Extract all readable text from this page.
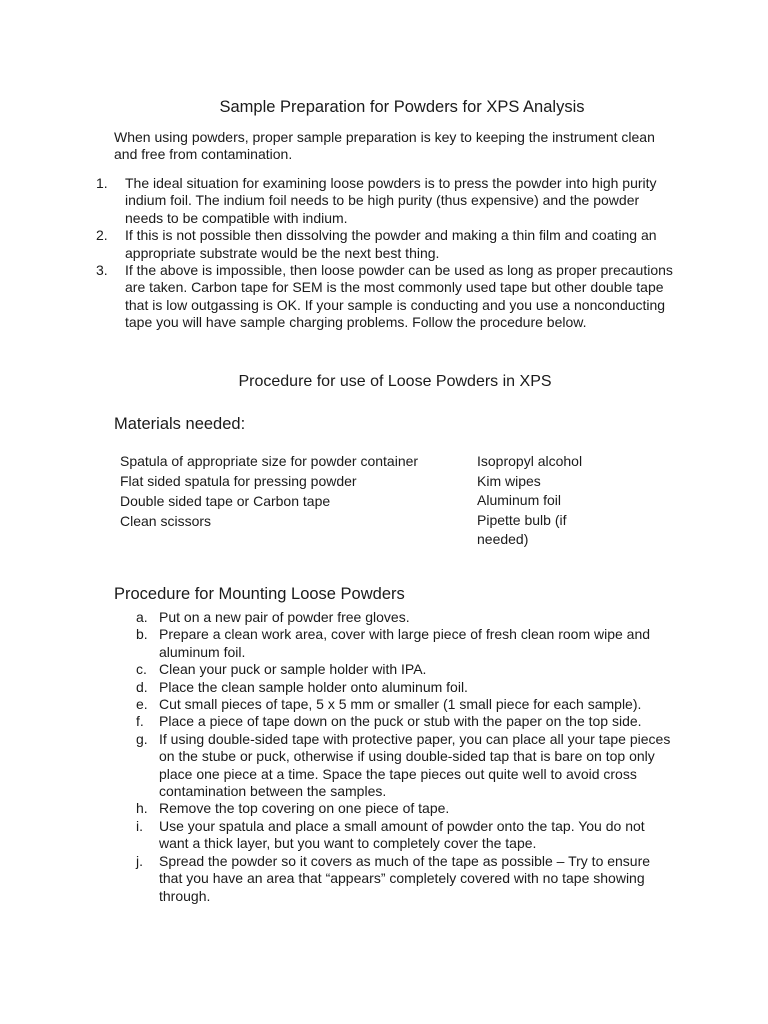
Sample Preparation for Powders for XPS Analysis
When using powders, proper sample preparation is key to keeping the instrument clean and free from contamination.
1. The ideal situation for examining loose powders is to press the powder into high purity indium foil. The indium foil needs to be high purity (thus expensive) and the powder needs to be compatible with indium.
2. If this is not possible then dissolving the powder and making a thin film and coating an appropriate substrate would be the next best thing.
3. If the above is impossible, then loose powder can be used as long as proper precautions are taken. Carbon tape for SEM is the most commonly used tape but other double tape that is low outgassing is OK. If your sample is conducting and you use a nonconducting tape you will have sample charging problems. Follow the procedure below.
Procedure for use of Loose Powders in XPS
Materials needed:
Spatula of appropriate size for powder container
Flat sided spatula for pressing powder
Double sided tape or Carbon tape
Clean scissors
Isopropyl alcohol
Kim wipes
Aluminum foil
Pipette bulb (if needed)
Procedure for Mounting Loose Powders
a. Put on a new pair of powder free gloves.
b. Prepare a clean work area, cover with large piece of fresh clean room wipe and aluminum foil.
c. Clean your puck or sample holder with IPA.
d. Place the clean sample holder onto aluminum foil.
e. Cut small pieces of tape, 5 x 5 mm or smaller (1 small piece for each sample).
f. Place a piece of tape down on the puck or stub with the paper on the top side.
g. If using double-sided tape with protective paper, you can place all your tape pieces on the stube or puck, otherwise if using double-sided tap that is bare on top only place one piece at a time. Space the tape pieces out quite well to avoid cross contamination between the samples.
h. Remove the top covering on one piece of tape.
i. Use your spatula and place a small amount of powder onto the tap. You do not want a thick layer, but you want to completely cover the tape.
j. Spread the powder so it covers as much of the tape as possible – Try to ensure that you have an area that “appears” completely covered with no tape showing through.
